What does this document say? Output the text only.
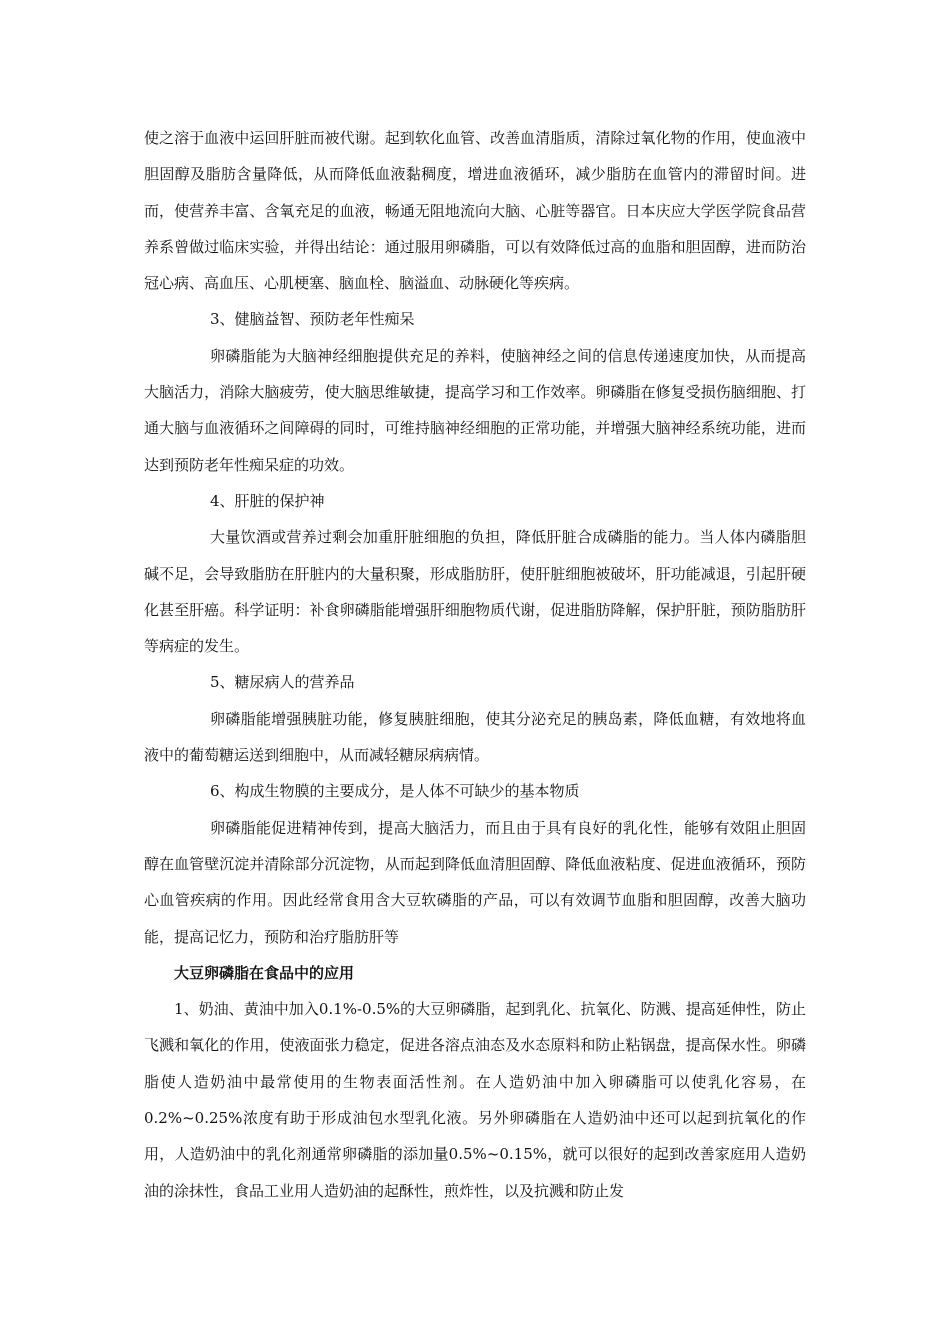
使之溶于血液中运回肝脏而被代谢。起到软化血管、改善血清脂质，清除过氧化物的作用，使血液中胆固醇及脂肪含量降低，从而降低血液黏稠度，增进血液循环，减少脂肪在血管内的滞留时间。进而，使营养丰富、含氧充足的血液，畅通无阻地流向大脑、心脏等器官。日本庆应大学医学院食品营养系曾做过临床实验，并得出结论：通过服用卵磷脂，可以有效降低过高的血脂和胆固醇，进而防治冠心病、高血压、心肌梗塞、脑血栓、脑溢血、动脉硬化等疾病。

3、健脑益智、预防老年性痴呆

卵磷脂能为大脑神经细胞提供充足的养料，使脑神经之间的信息传递速度加快，从而提高大脑活力，消除大脑疲劳，使大脑思维敏捷，提高学习和工作效率。卵磷脂在修复受损伤脑细胞、打通大脑与血液循环之间障碍的同时，可维持脑神经细胞的正常功能，并增强大脑神经系统功能，进而达到预防老年性痴呆症的功效。

4、肝脏的保护神

大量饮酒或营养过剩会加重肝脏细胞的负担，降低肝脏合成磷脂的能力。当人体内磷脂胆碱不足，会导致脂肪在肝脏内的大量积聚，形成脂肪肝，使肝脏细胞被破坏，肝功能减退，引起肝硬化甚至肝癌。科学证明：补食卵磷脂能增强肝细胞物质代谢，促进脂肪降解，保护肝脏，预防脂肪肝等病症的发生。

5、糖尿病人的营养品

卵磷脂能增强胰脏功能，修复胰脏细胞，使其分泌充足的胰岛素，降低血糖，有效地将血液中的葡萄糖运送到细胞中，从而减轻糖尿病病情。

6、构成生物膜的主要成分，是人体不可缺少的基本物质

卵磷脂能促进精神传到，提高大脑活力，而且由于具有良好的乳化性，能够有效阻止胆固醇在血管壁沉淀并清除部分沉淀物，从而起到降低血清胆固醇、降低血液粘度、促进血液循环，预防心血管疾病的作用。因此经常食用含大豆软磷脂的产品，可以有效调节血脂和胆固醇，改善大脑功能，提高记忆力，预防和治疗脂肪肝等

大豆卵磷脂在食品中的应用

1、奶油、黄油中加入0.1%-0.5%的大豆卵磷脂，起到乳化、抗氧化、防溅、提高延伸性，防止飞溅和氧化的作用，使液面张力稳定，促进各溶点油态及水态原料和防止粘锅盘，提高保水性。卵磷脂使人造奶油中最常使用的生物表面活性剂。在人造奶油中加入卵磷脂可以使乳化容易，在0.2%~0.25%浓度有助于形成油包水型乳化液。另外卵磷脂在人造奶油中还可以起到抗氧化的作用，人造奶油中的乳化剂通常卵磷脂的添加量0.5%~0.15%，就可以很好的起到改善家庭用人造奶油的涂抹性，食品工业用人造奶油的起酥性，煎炸性，以及抗溅和防止发
